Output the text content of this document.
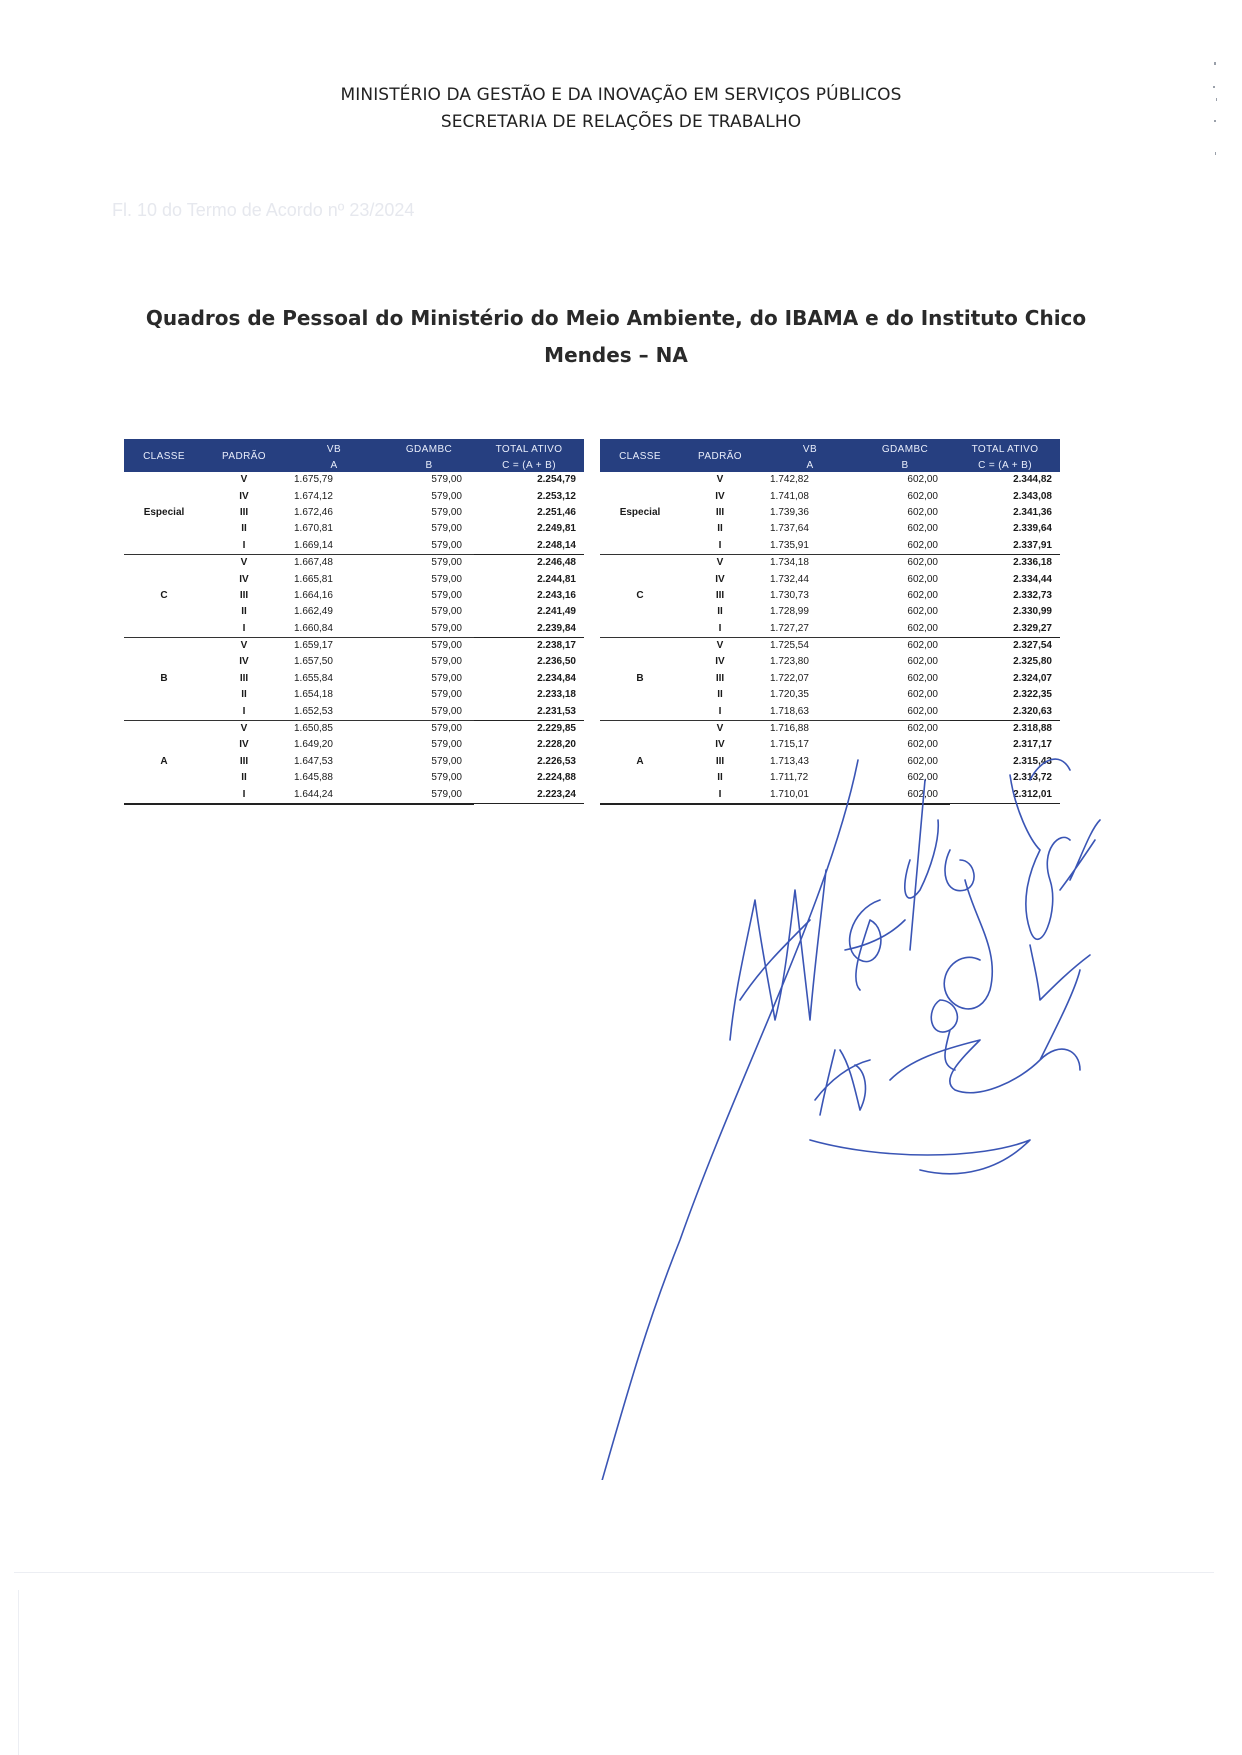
MINISTÉRIO DA GESTÃO E DA INOVAÇÃO EM SERVIÇOS PÚBLICOS
SECRETARIA DE RELAÇÕES DE TRABALHO
Fl. 10 do Termo de Acordo nº 23/2024
Quadros de Pessoal do Ministério do Meio Ambiente, do IBAMA e do Instituto Chico Mendes – NA
CLASSE	PADRÃO	VB	GDAMBC	TOTAL ATIVO
		A	B	C = (A + B)
	V	1.675,79	579,00	2.254,79
	IV	1.674,12	579,00	2.253,12
Especial	III	1.672,46	579,00	2.251,46
	II	1.670,81	579,00	2.249,81
	I	1.669,14	579,00	2.248,14
	V	1.667,48	579,00	2.246,48
	IV	1.665,81	579,00	2.244,81
C	III	1.664,16	579,00	2.243,16
	II	1.662,49	579,00	2.241,49
	I	1.660,84	579,00	2.239,84
	V	1.659,17	579,00	2.238,17
	IV	1.657,50	579,00	2.236,50
B	III	1.655,84	579,00	2.234,84
	II	1.654,18	579,00	2.233,18
	I	1.652,53	579,00	2.231,53
	V	1.650,85	579,00	2.229,85
	IV	1.649,20	579,00	2.228,20
A	III	1.647,53	579,00	2.226,53
	II	1.645,88	579,00	2.224,88
	I	1.644,24	579,00	2.223,24
CLASSE	PADRÃO	VB	GDAMBC	TOTAL ATIVO
		A	B	C = (A + B)
	V	1.742,82	602,00	2.344,82
	IV	1.741,08	602,00	2.343,08
Especial	III	1.739,36	602,00	2.341,36
	II	1.737,64	602,00	2.339,64
	I	1.735,91	602,00	2.337,91
	V	1.734,18	602,00	2.336,18
	IV	1.732,44	602,00	2.334,44
C	III	1.730,73	602,00	2.332,73
	II	1.728,99	602,00	2.330,99
	I	1.727,27	602,00	2.329,27
	V	1.725,54	602,00	2.327,54
	IV	1.723,80	602,00	2.325,80
B	III	1.722,07	602,00	2.324,07
	II	1.720,35	602,00	2.322,35
	I	1.718,63	602,00	2.320,63
	V	1.716,88	602,00	2.318,88
	IV	1.715,17	602,00	2.317,17
A	III	1.713,43	602,00	2.315,43
	II	1.711,72	602,00	2.313,72
	I	1.710,01	602,00	2.312,01
